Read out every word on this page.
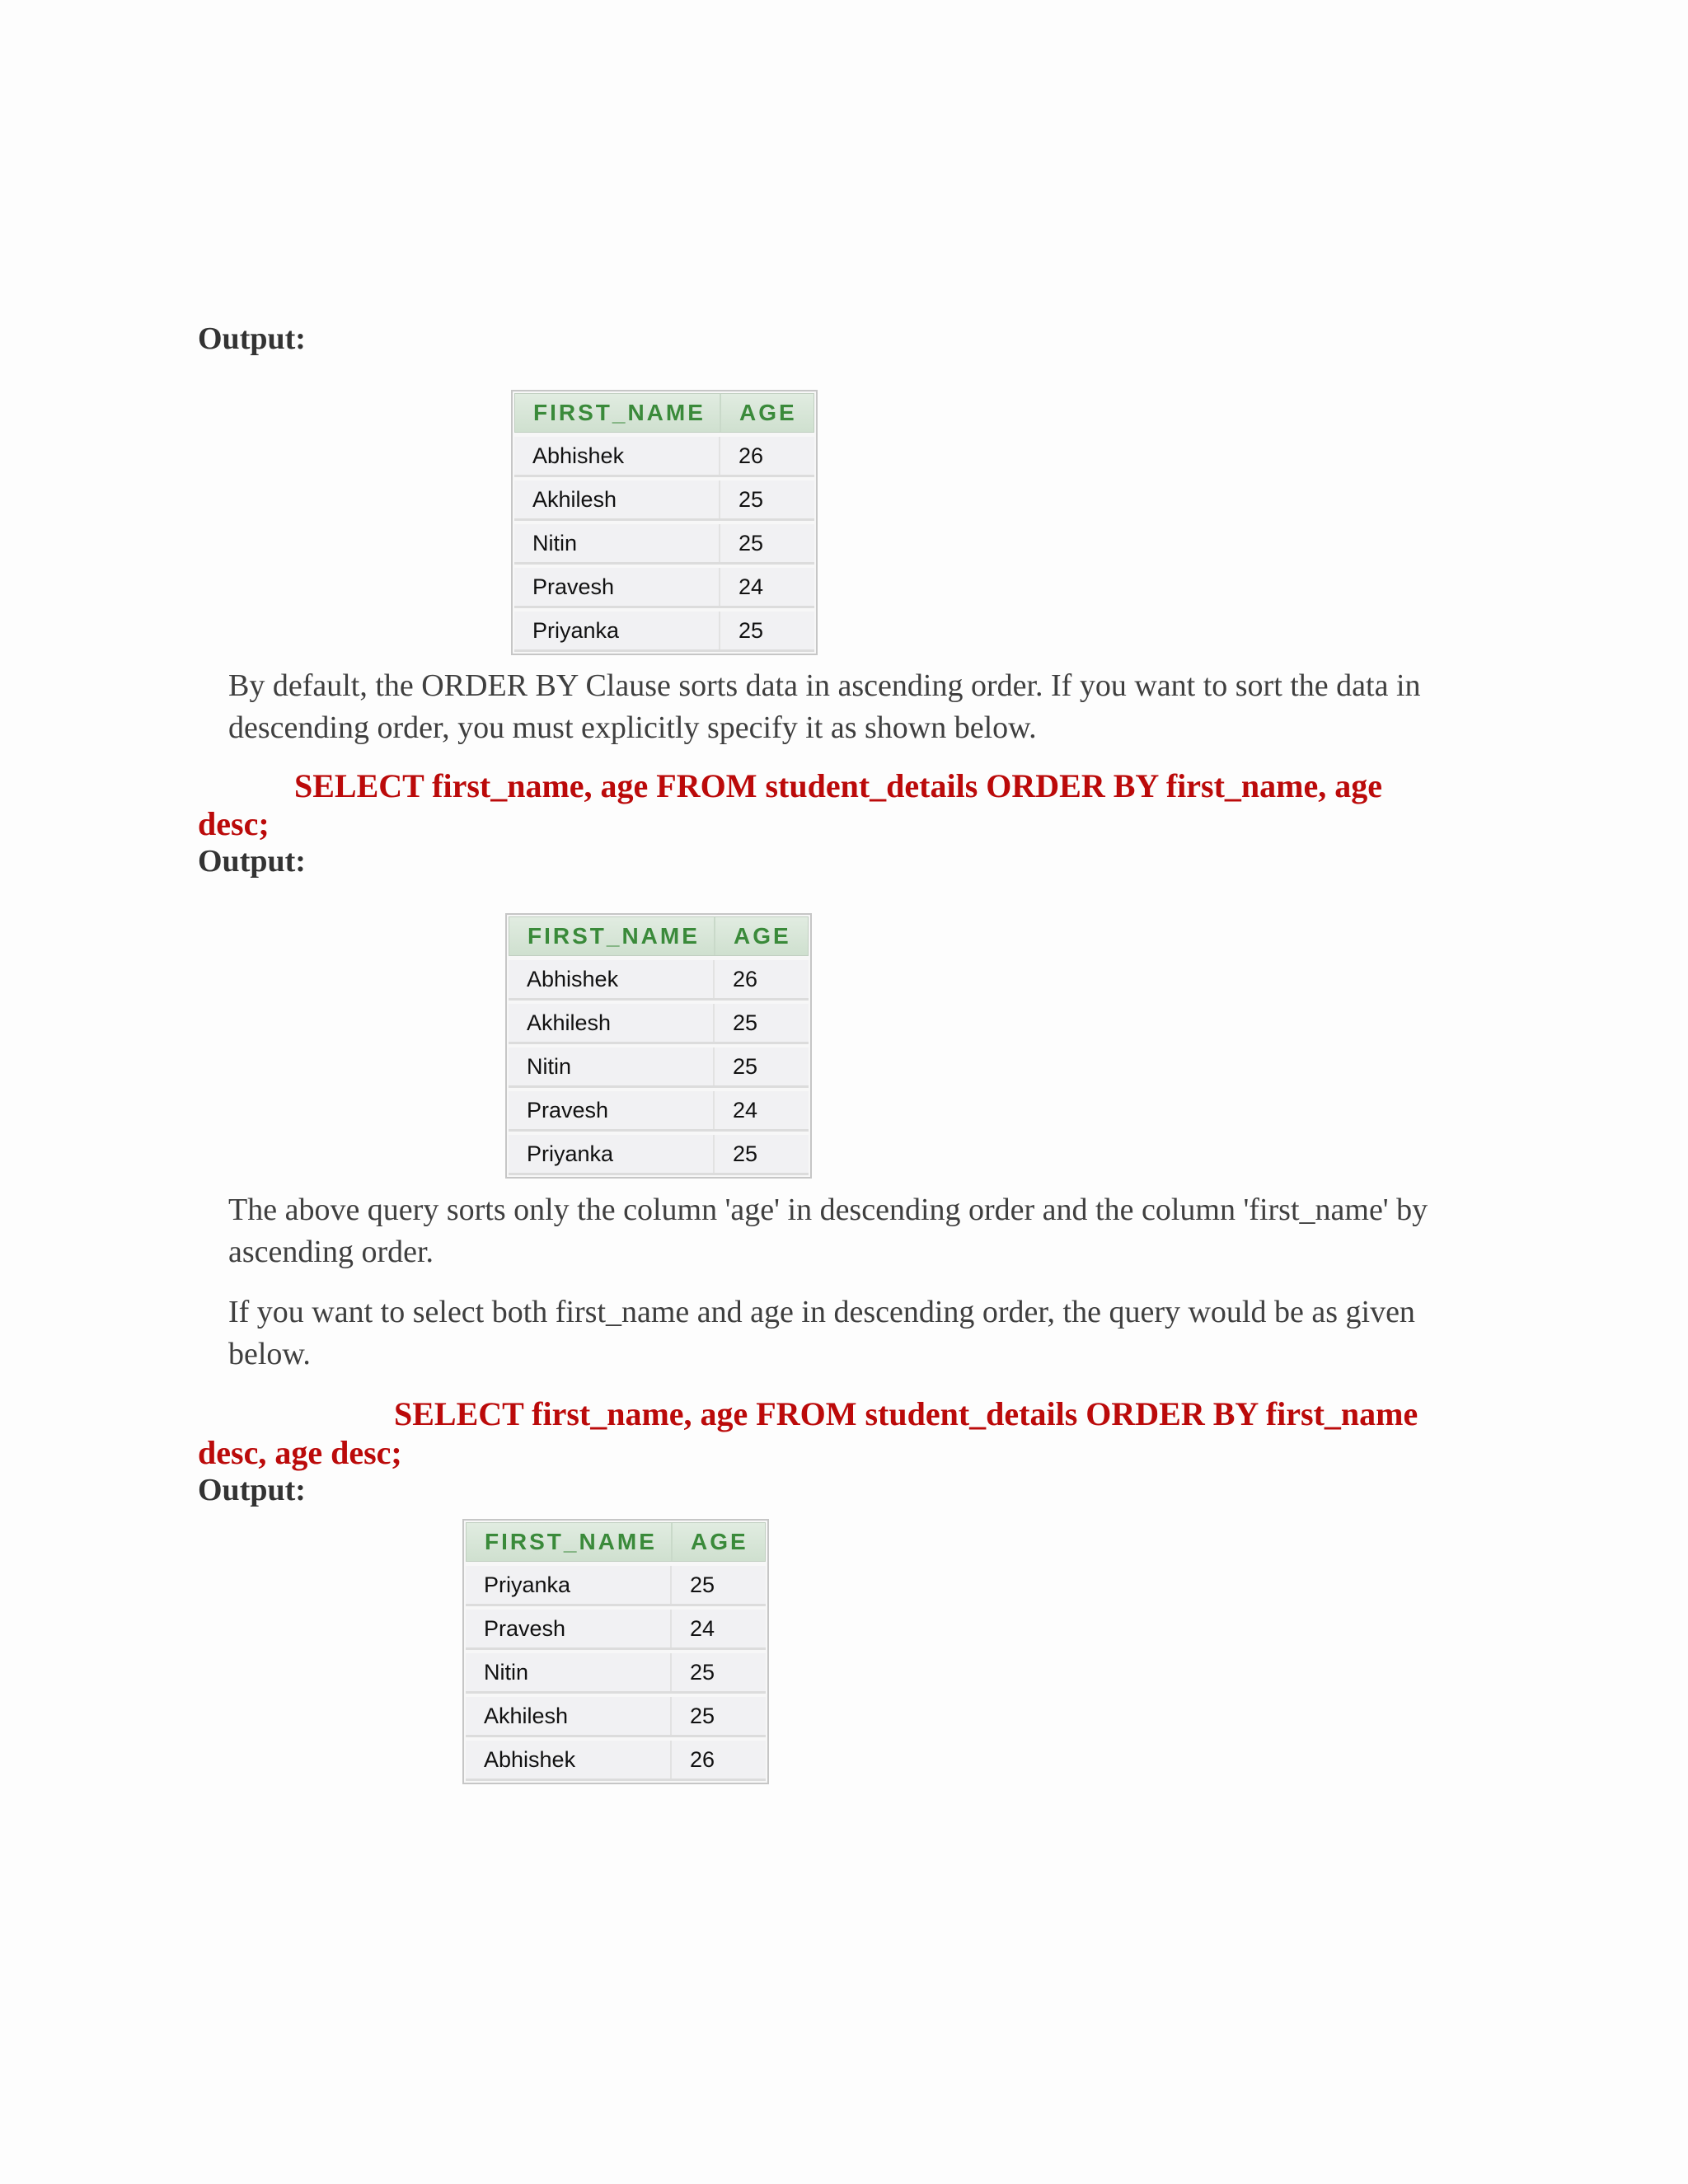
Output:
FIRST_NAME	AGE
Abhishek	26
Akhilesh	25
Nitin	25
Pravesh	24
Priyanka	25
By default, the ORDER BY Clause sorts data in ascending order. If you want to sort the data in descending order, you must explicitly specify it as shown below.
SELECT first_name, age FROM student_details ORDER BY first_name, age
desc;
Output:
FIRST_NAME	AGE
Abhishek	26
Akhilesh	25
Nitin	25
Pravesh	24
Priyanka	25
The above query sorts only the column 'age' in descending order and the column 'first_name' by ascending order.
If you want to select both first_name and age in descending order, the query would be as given below.
SELECT first_name, age FROM student_details ORDER BY first_name
desc, age desc;
Output:
FIRST_NAME	AGE
Priyanka	25
Pravesh	24
Nitin	25
Akhilesh	25
Abhishek	26
